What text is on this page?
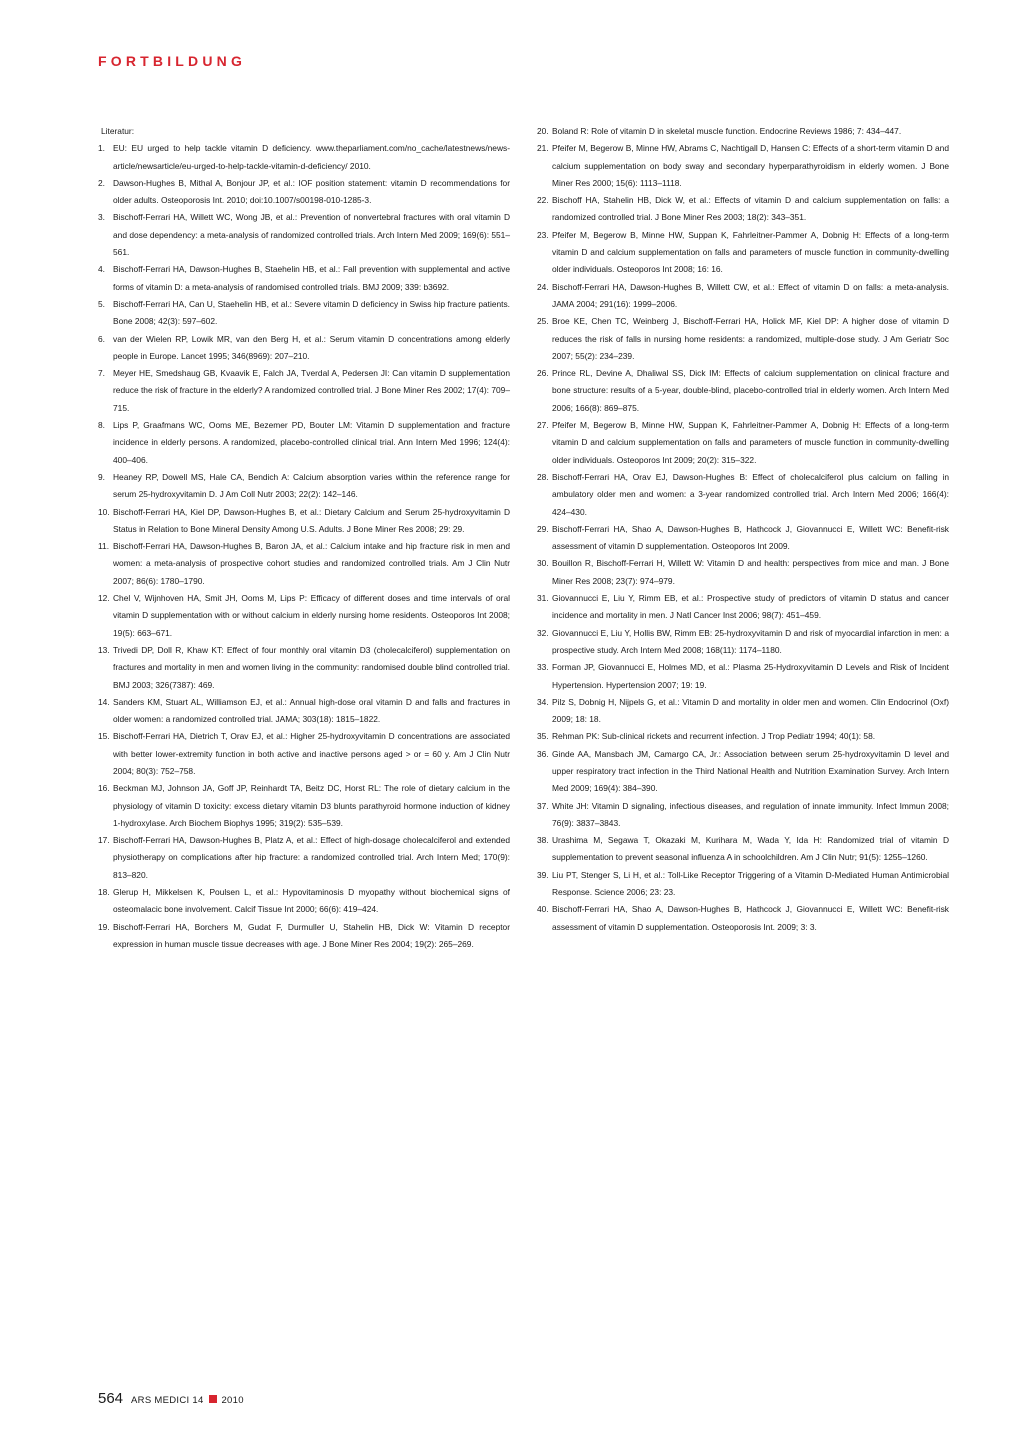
FORTBILDUNG
Literatur:
1. EU: EU urged to help tackle vitamin D deficiency. www.theparliament.com/no_cache/latestnews/news-article/newsarticle/eu-urged-to-help-tackle-vitamin-d-deficiency/ 2010.
2. Dawson-Hughes B, Mithal A, Bonjour JP, et al.: IOF position statement: vitamin D recommendations for older adults. Osteoporosis Int. 2010; doi:10.1007/s00198-010-1285-3.
3. Bischoff-Ferrari HA, Willett WC, Wong JB, et al.: Prevention of nonvertebral fractures with oral vitamin D and dose dependency: a meta-analysis of randomized controlled trials. Arch Intern Med 2009; 169(6): 551–561.
4. Bischoff-Ferrari HA, Dawson-Hughes B, Staehelin HB, et al.: Fall prevention with supplemental and active forms of vitamin D: a meta-analysis of randomised controlled trials. BMJ 2009; 339: b3692.
5. Bischoff-Ferrari HA, Can U, Staehelin HB, et al.: Severe vitamin D deficiency in Swiss hip fracture patients. Bone 2008; 42(3): 597–602.
6. van der Wielen RP, Lowik MR, van den Berg H, et al.: Serum vitamin D concentrations among elderly people in Europe. Lancet 1995; 346(8969): 207–210.
7. Meyer HE, Smedshaug GB, Kvaavik E, Falch JA, Tverdal A, Pedersen JI: Can vitamin D supplementation reduce the risk of fracture in the elderly? A randomized controlled trial. J Bone Miner Res 2002; 17(4): 709–715.
8. Lips P, Graafmans WC, Ooms ME, Bezemer PD, Bouter LM: Vitamin D supplementation and fracture incidence in elderly persons. A randomized, placebo-controlled clinical trial. Ann Intern Med 1996; 124(4): 400–406.
9. Heaney RP, Dowell MS, Hale CA, Bendich A: Calcium absorption varies within the reference range for serum 25-hydroxyvitamin D. J Am Coll Nutr 2003; 22(2): 142–146.
10. Bischoff-Ferrari HA, Kiel DP, Dawson-Hughes B, et al.: Dietary Calcium and Serum 25-hydroxyvitamin D Status in Relation to Bone Mineral Density Among U.S. Adults. J Bone Miner Res 2008; 29: 29.
11. Bischoff-Ferrari HA, Dawson-Hughes B, Baron JA, et al.: Calcium intake and hip fracture risk in men and women: a meta-analysis of prospective cohort studies and randomized controlled trials. Am J Clin Nutr 2007; 86(6): 1780–1790.
12. Chel V, Wijnhoven HA, Smit JH, Ooms M, Lips P: Efficacy of different doses and time intervals of oral vitamin D supplementation with or without calcium in elderly nursing home residents. Osteoporos Int 2008; 19(5): 663–671.
13. Trivedi DP, Doll R, Khaw KT: Effect of four monthly oral vitamin D3 (cholecalciferol) supplementation on fractures and mortality in men and women living in the community: randomised double blind controlled trial. BMJ 2003; 326(7387): 469.
14. Sanders KM, Stuart AL, Williamson EJ, et al.: Annual high-dose oral vitamin D and falls and fractures in older women: a randomized controlled trial. JAMA; 303(18): 1815–1822.
15. Bischoff-Ferrari HA, Dietrich T, Orav EJ, et al.: Higher 25-hydroxyvitamin D concentrations are associated with better lower-extremity function in both active and inactive persons aged > or = 60 y. Am J Clin Nutr 2004; 80(3): 752–758.
16. Beckman MJ, Johnson JA, Goff JP, Reinhardt TA, Beitz DC, Horst RL: The role of dietary calcium in the physiology of vitamin D toxicity: excess dietary vitamin D3 blunts parathyroid hormone induction of kidney 1-hydroxylase. Arch Biochem Biophys 1995; 319(2): 535–539.
17. Bischoff-Ferrari HA, Dawson-Hughes B, Platz A, et al.: Effect of high-dosage cholecalciferol and extended physiotherapy on complications after hip fracture: a randomized controlled trial. Arch Intern Med; 170(9): 813–820.
18. Glerup H, Mikkelsen K, Poulsen L, et al.: Hypovitaminosis D myopathy without biochemical signs of osteomalacic bone involvement. Calcif Tissue Int 2000; 66(6): 419–424.
19. Bischoff-Ferrari HA, Borchers M, Gudat F, Durmuller U, Stahelin HB, Dick W: Vitamin D receptor expression in human muscle tissue decreases with age. J Bone Miner Res 2004; 19(2): 265–269.
20. Boland R: Role of vitamin D in skeletal muscle function. Endocrine Reviews 1986; 7: 434–447.
21. Pfeifer M, Begerow B, Minne HW, Abrams C, Nachtigall D, Hansen C: Effects of a short-term vitamin D and calcium supplementation on body sway and secondary hyperparathyroidism in elderly women. J Bone Miner Res 2000; 15(6): 1113–1118.
22. Bischoff HA, Stahelin HB, Dick W, et al.: Effects of vitamin D and calcium supplementation on falls: a randomized controlled trial. J Bone Miner Res 2003; 18(2): 343–351.
23. Pfeifer M, Begerow B, Minne HW, Suppan K, Fahrleitner-Pammer A, Dobnig H: Effects of a long-term vitamin D and calcium supplementation on falls and parameters of muscle function in community-dwelling older individuals. Osteoporos Int 2008; 16: 16.
24. Bischoff-Ferrari HA, Dawson-Hughes B, Willett CW, et al.: Effect of vitamin D on falls: a meta-analysis. JAMA 2004; 291(16): 1999–2006.
25. Broe KE, Chen TC, Weinberg J, Bischoff-Ferrari HA, Holick MF, Kiel DP: A higher dose of vitamin D reduces the risk of falls in nursing home residents: a randomized, multiple-dose study. J Am Geriatr Soc 2007; 55(2): 234–239.
26. Prince RL, Devine A, Dhaliwal SS, Dick IM: Effects of calcium supplementation on clinical fracture and bone structure: results of a 5-year, double-blind, placebo-controlled trial in elderly women. Arch Intern Med 2006; 166(8): 869–875.
27. Pfeifer M, Begerow B, Minne HW, Suppan K, Fahrleitner-Pammer A, Dobnig H: Effects of a long-term vitamin D and calcium supplementation on falls and parameters of muscle function in community-dwelling older individuals. Osteoporos Int 2009; 20(2): 315–322.
28. Bischoff-Ferrari HA, Orav EJ, Dawson-Hughes B: Effect of cholecalciferol plus calcium on falling in ambulatory older men and women: a 3-year randomized controlled trial. Arch Intern Med 2006; 166(4): 424–430.
29. Bischoff-Ferrari HA, Shao A, Dawson-Hughes B, Hathcock J, Giovannucci E, Willett WC: Benefit-risk assessment of vitamin D supplementation. Osteoporos Int 2009.
30. Bouillon R, Bischoff-Ferrari H, Willett W: Vitamin D and health: perspectives from mice and man. J Bone Miner Res 2008; 23(7): 974–979.
31. Giovannucci E, Liu Y, Rimm EB, et al.: Prospective study of predictors of vitamin D status and cancer incidence and mortality in men. J Natl Cancer Inst 2006; 98(7): 451–459.
32. Giovannucci E, Liu Y, Hollis BW, Rimm EB: 25-hydroxyvitamin D and risk of myocardial infarction in men: a prospective study. Arch Intern Med 2008; 168(11): 1174–1180.
33. Forman JP, Giovannucci E, Holmes MD, et al.: Plasma 25-Hydroxyvitamin D Levels and Risk of Incident Hypertension. Hypertension 2007; 19: 19.
34. Pilz S, Dobnig H, Nijpels G, et al.: Vitamin D and mortality in older men and women. Clin Endocrinol (Oxf) 2009; 18: 18.
35. Rehman PK: Sub-clinical rickets and recurrent infection. J Trop Pediatr 1994; 40(1): 58.
36. Ginde AA, Mansbach JM, Camargo CA, Jr.: Association between serum 25-hydroxyvitamin D level and upper respiratory tract infection in the Third National Health and Nutrition Examination Survey. Arch Intern Med 2009; 169(4): 384–390.
37. White JH: Vitamin D signaling, infectious diseases, and regulation of innate immunity. Infect Immun 2008; 76(9): 3837–3843.
38. Urashima M, Segawa T, Okazaki M, Kurihara M, Wada Y, Ida H: Randomized trial of vitamin D supplementation to prevent seasonal influenza A in schoolchildren. Am J Clin Nutr; 91(5): 1255–1260.
39. Liu PT, Stenger S, Li H, et al.: Toll-Like Receptor Triggering of a Vitamin D-Mediated Human Antimicrobial Response. Science 2006; 23: 23.
40. Bischoff-Ferrari HA, Shao A, Dawson-Hughes B, Hathcock J, Giovannucci E, Willett WC: Benefit-risk assessment of vitamin D supplementation. Osteoporosis Int. 2009; 3: 3.
564 ARS MEDICI 14 2010
